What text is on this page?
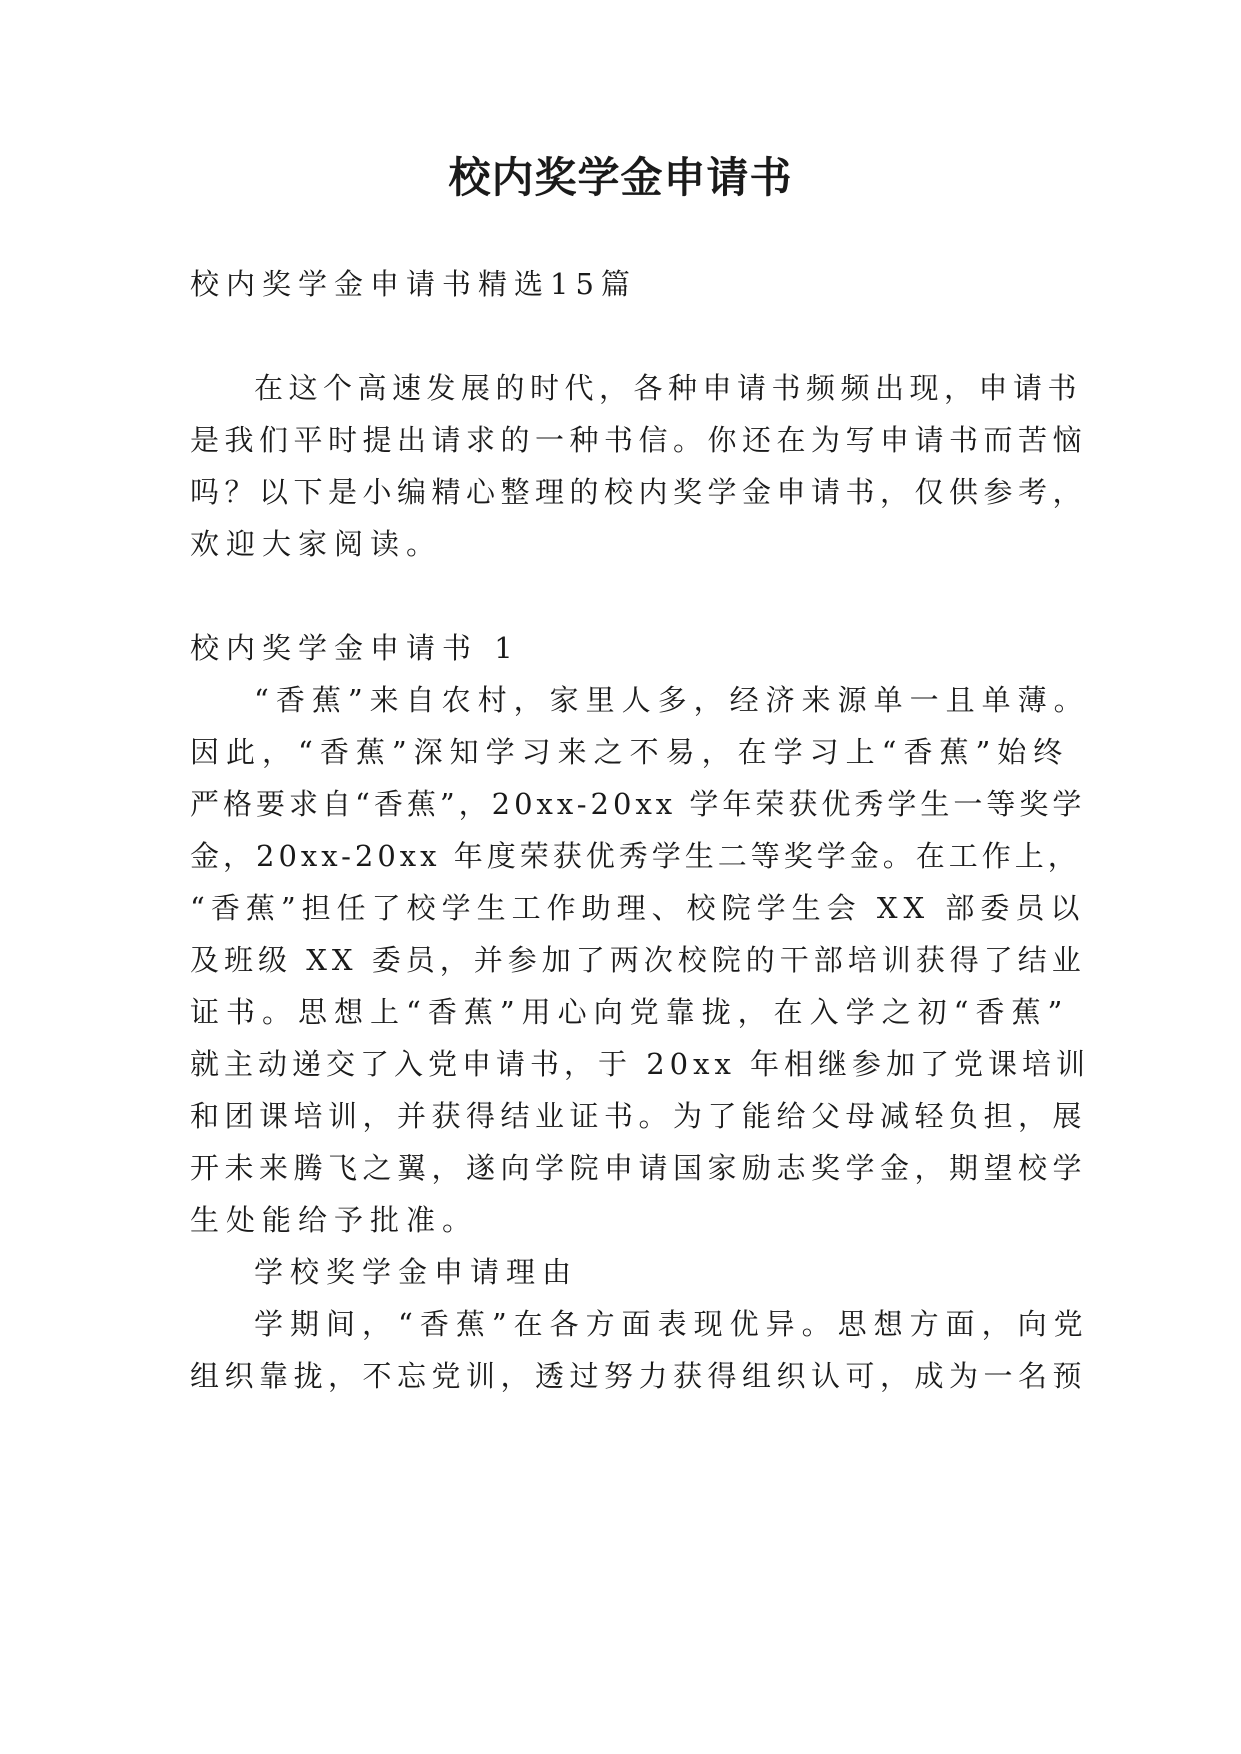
校内奖学金申请书

校内奖学金申请书精选15篇

在这个高速发展的时代，各种申请书频频出现，申请书

是我们平时提出请求的一种书信。你还在为写申请书而苦恼

吗？以下是小编精心整理的校内奖学金申请书，仅供参考，

欢迎大家阅读。

校内奖学金申请书 1

“香蕉”来自农村，家里人多，经济来源单一且单薄。

因此，“香蕉”深知学习来之不易，在学习上“香蕉”始终

严格要求自“香蕉”，20xx-20xx 学年荣获优秀学生一等奖学

金，20xx-20xx 年度荣获优秀学生二等奖学金。在工作上，

“香蕉”担任了校学生工作助理、校院学生会 XX 部委员以

及班级 XX 委员，并参加了两次校院的干部培训获得了结业

证书。思想上“香蕉”用心向党靠拢，在入学之初“香蕉”

就主动递交了入党申请书，于 20xx 年相继参加了党课培训

和团课培训，并获得结业证书。为了能给父母减轻负担，展

开未来腾飞之翼，遂向学院申请国家励志奖学金，期望校学

生处能给予批准。

学校奖学金申请理由

学期间，“香蕉”在各方面表现优异。思想方面，向党

组织靠拢，不忘党训，透过努力获得组织认可，成为一名预
